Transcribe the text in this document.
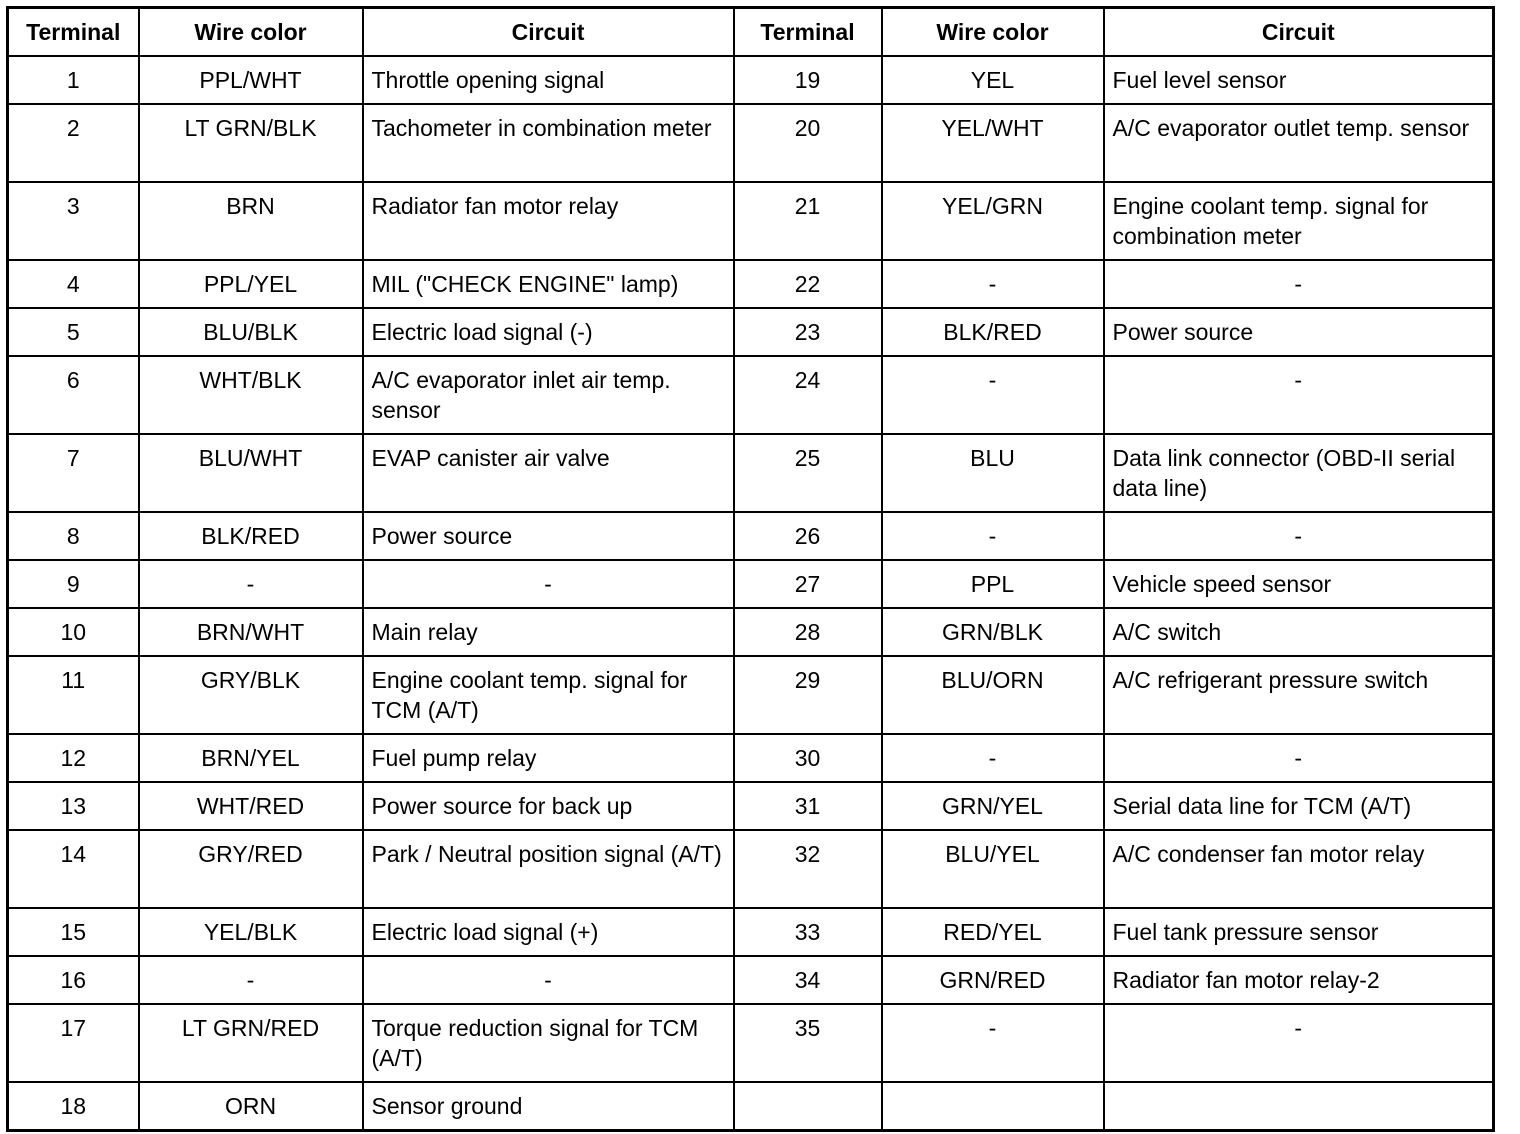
Terminal	Wire color	Circuit	Terminal	Wire color	Circuit
1	PPL/WHT	Throttle opening signal	19	YEL	Fuel level sensor
2	LT GRN/BLK	Tachometer in combination meter	20	YEL/WHT	A/C evaporator outlet temp. sensor
3	BRN	Radiator fan motor relay	21	YEL/GRN	Engine coolant temp. signal for combination meter
4	PPL/YEL	MIL ("CHECK ENGINE" lamp)	22	-	-
5	BLU/BLK	Electric load signal (-)	23	BLK/RED	Power source
6	WHT/BLK	A/C evaporator inlet air temp. sensor	24	-	-
7	BLU/WHT	EVAP canister air valve	25	BLU	Data link connector (OBD-II serial data line)
8	BLK/RED	Power source	26	-	-
9	-	-	27	PPL	Vehicle speed sensor
10	BRN/WHT	Main relay	28	GRN/BLK	A/C switch
11	GRY/BLK	Engine coolant temp. signal for TCM (A/T)	29	BLU/ORN	A/C refrigerant pressure switch
12	BRN/YEL	Fuel pump relay	30	-	-
13	WHT/RED	Power source for back up	31	GRN/YEL	Serial data line for TCM (A/T)
14	GRY/RED	Park / Neutral position signal (A/T)	32	BLU/YEL	A/C condenser fan motor relay
15	YEL/BLK	Electric load signal (+)	33	RED/YEL	Fuel tank pressure sensor
16	-	-	34	GRN/RED	Radiator fan motor relay-2
17	LT GRN/RED	Torque reduction signal for TCM (A/T)	35	-	-
18	ORN	Sensor ground			
